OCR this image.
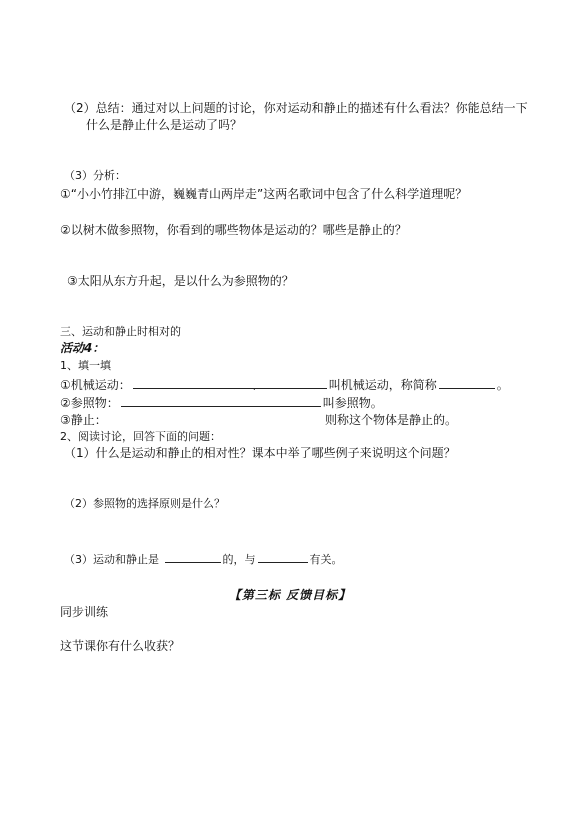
（2）总结：通过对以上问题的讨论，你对运动和静止的描述有什么看法？你能总结一下
什么是静止什么是运动了吗？
（3）分析：
①“小小竹排江中游，巍巍青山两岸走”这两名歌词中包含了什么科学道理呢？
②以树木做参照物，你看到的哪些物体是运动的？哪些是静止的？
③太阳从东方升起，是以什么为参照物的？
三、运动和静止时相对的
活动4：
1、填一填
①机械运动：	叫机械运动，称简称	。
.
②参照物：	叫参照物。
③静止：	则称这个物体是静止的。
2、阅读讨论，回答下面的问题：
（1）什么是运动和静止的相对性？课本中举了哪些例子来说明这个问题？
（2）参照物的选择原则是什么？
（3）运动和静止是	的，与	有关。
【第三标 反馈目标】
同步训练
这节课你有什么收获？
